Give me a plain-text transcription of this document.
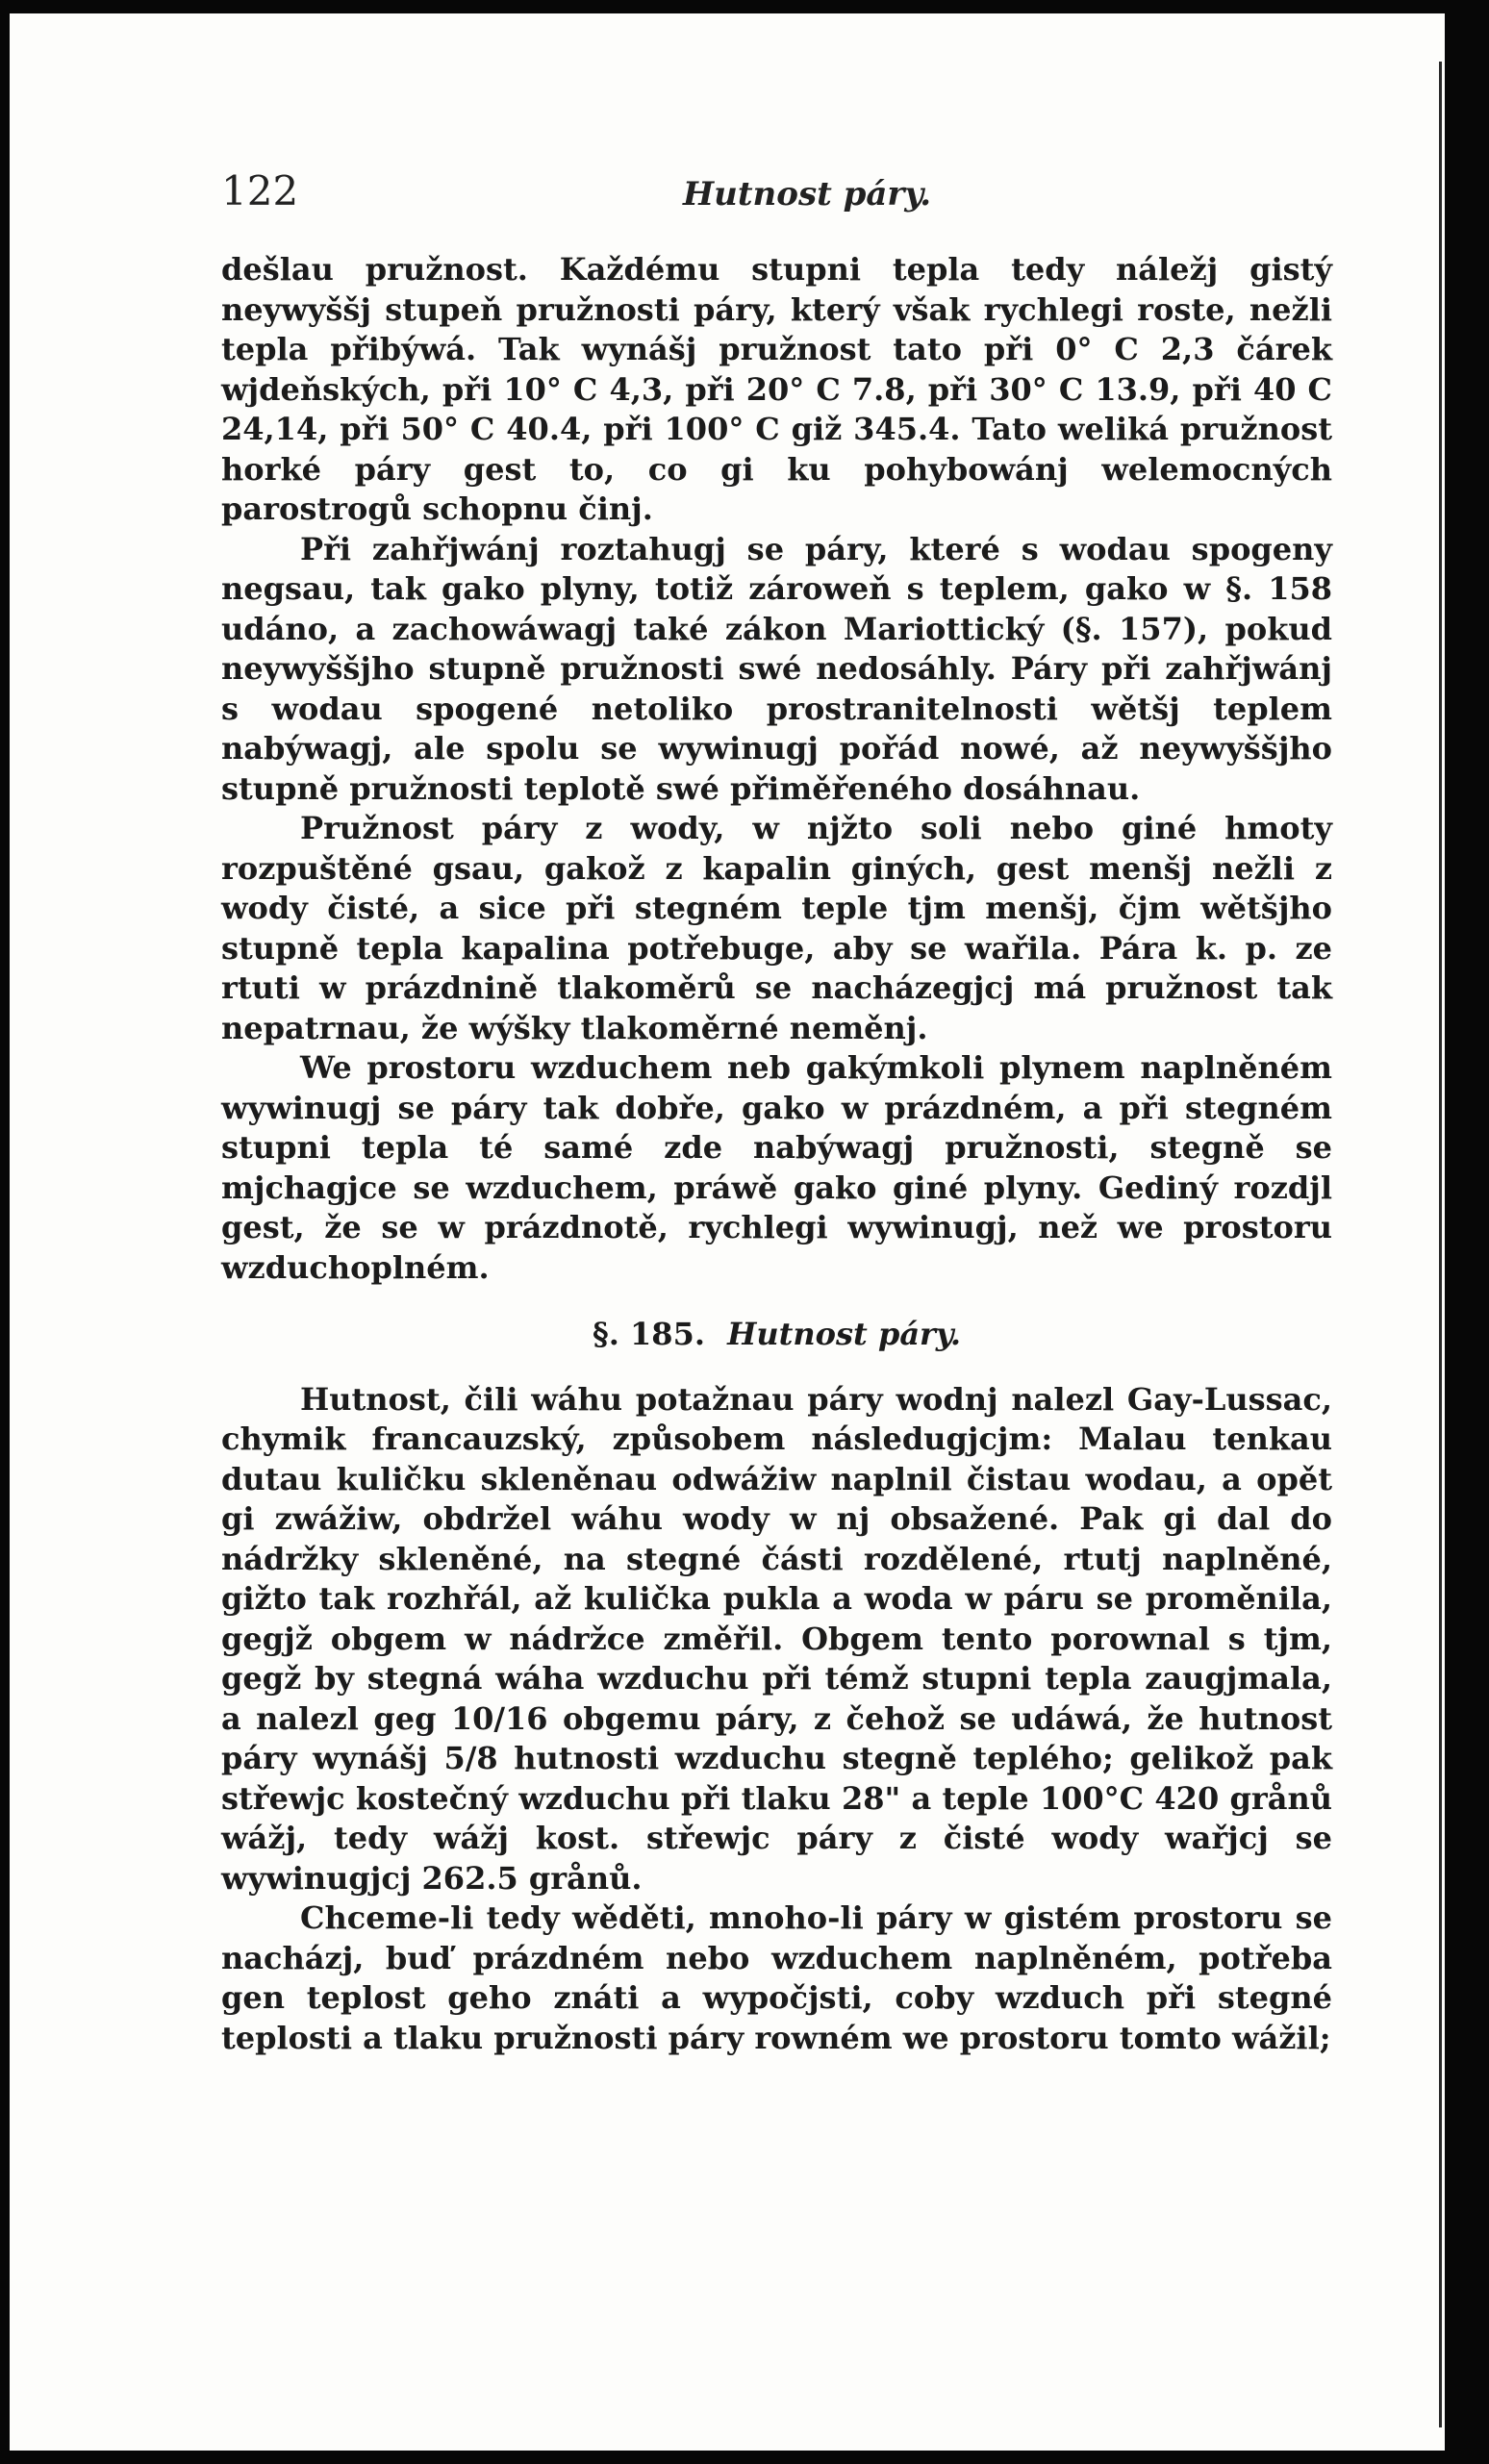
122	Hutnost páry.

dešlau pružnost. Každému stupni tepla tedy náležj gistý neywyššj stupeň pružnosti páry, který však rychlegi roste, nežli tepla přibýwá. Tak wynášj pružnost tato při 0° C 2,3 čárek wjdeňských, při 10° C 4,3, při 20° C 7.8, při 30° C 13.9, při 40 C 24,14, při 50° C 40.4, při 100° C giž 345.4. Tato weliká pružnost horké páry gest to, co gi ku pohybowánj welemocných parostrogů schopnu činj.

Při zahřjwánj roztahugj se páry, které s wodau spogeny negsau, tak gako plyny, totiž zároweň s teplem, gako w §. 158 udáno, a zachowáwagj také zákon Mariottický (§. 157), pokud neywyššjho stupně pružnosti swé nedosáhly. Páry při zahřjwánj s wodau spogené netoliko prostranitelnosti wětšj teplem nabýwagj, ale spolu se wywinugj pořád nowé, až neywyššjho stupně pružnosti teplotě swé přiměřeného dosáhnau.

Pružnost páry z wody, w njžto soli nebo giné hmoty rozpuštěné gsau, gakož z kapalin giných, gest menšj nežli z wody čisté, a sice při stegném teple tjm menšj, čjm wětšjho stupně tepla kapalina potřebuge, aby se wařila. Pára k. p. ze rtuti w prázdnině tlakoměrů se nacházegjcj má pružnost tak nepatrnau, že wýšky tlakoměrné neměnj.

We prostoru wzduchem neb gakýmkoli plynem naplněném wywinugj se páry tak dobře, gako w prázdném, a při stegném stupni tepla té samé zde nabýwagj pružnosti, stegně se mjchagjce se wzduchem, práwě gako giné plyny. Gediný rozdjl gest, že se w prázdnotě, rychlegi wywinugj, než we prostoru wzduchoplném.

§. 185. Hutnost páry.

Hutnost, čili wáhu potažnau páry wodnj nalezl Gay-Lussac, chymik francauzský, způsobem následugjcjm: Malau tenkau dutau kuličku skleněnau odwážiw naplnil čistau wodau, a opět gi zwážiw, obdržel wáhu wody w nj obsažené. Pak gi dal do nádržky skleněné, na stegné části rozdělené, rtutj naplněné, gižto tak rozhřál, až kulička pukla a woda w páru se proměnila, gegjž obgem w nádržce změřil. Obgem tento porownal s tjm, gegž by stegná wáha wzduchu při témž stupni tepla zaugjmala, a nalezl geg 10/16 obgemu páry, z čehož se udáwá, že hutnost páry wynášj 5/8 hutnosti wzduchu stegně teplého; gelikož pak střewjc kostečný wzduchu při tlaku 28" a teple 100°C 420 grånů wážj, tedy wážj kost. střewjc páry z čisté wody wařjcj se wywinugjcj 262.5 grånů.

Chceme-li tedy wěděti, mnoho-li páry w gistém prostoru se nacházj, buď prázdném nebo wzduchem naplněném, potřeba gen teplost geho znáti a wypočjsti, coby wzduch při stegné teplosti a tlaku pružnosti páry rowném we prostoru tomto wážil;
